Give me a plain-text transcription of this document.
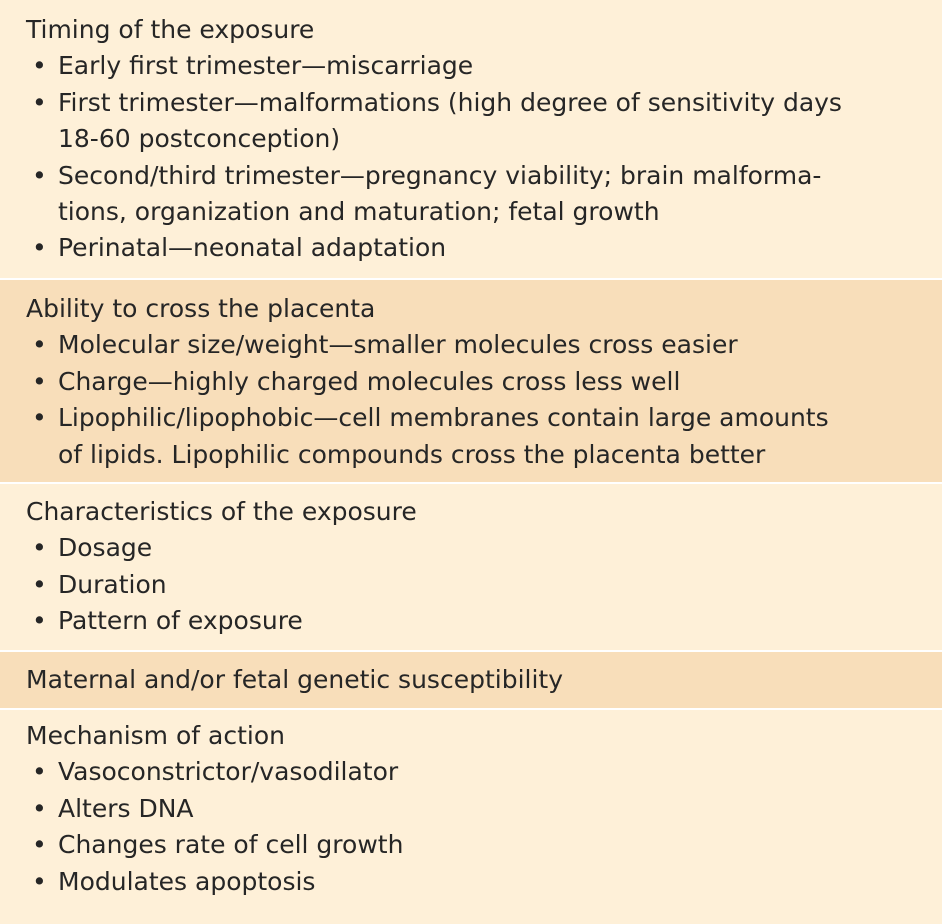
Timing of the exposure
• Early first trimester—miscarriage
• First trimester—malformations (high degree of sensitivity days
18-60 postconception)
• Second/third trimester—pregnancy viability; brain malforma-
tions, organization and maturation; fetal growth
• Perinatal—neonatal adaptation
Ability to cross the placenta
• Molecular size/weight—smaller molecules cross easier
• Charge—highly charged molecules cross less well
• Lipophilic/lipophobic—cell membranes contain large amounts
of lipids. Lipophilic compounds cross the placenta better
Characteristics of the exposure
• Dosage
• Duration
• Pattern of exposure
Maternal and/or fetal genetic susceptibility
Mechanism of action
• Vasoconstrictor/vasodilator
• Alters DNA
• Changes rate of cell growth
• Modulates apoptosis
